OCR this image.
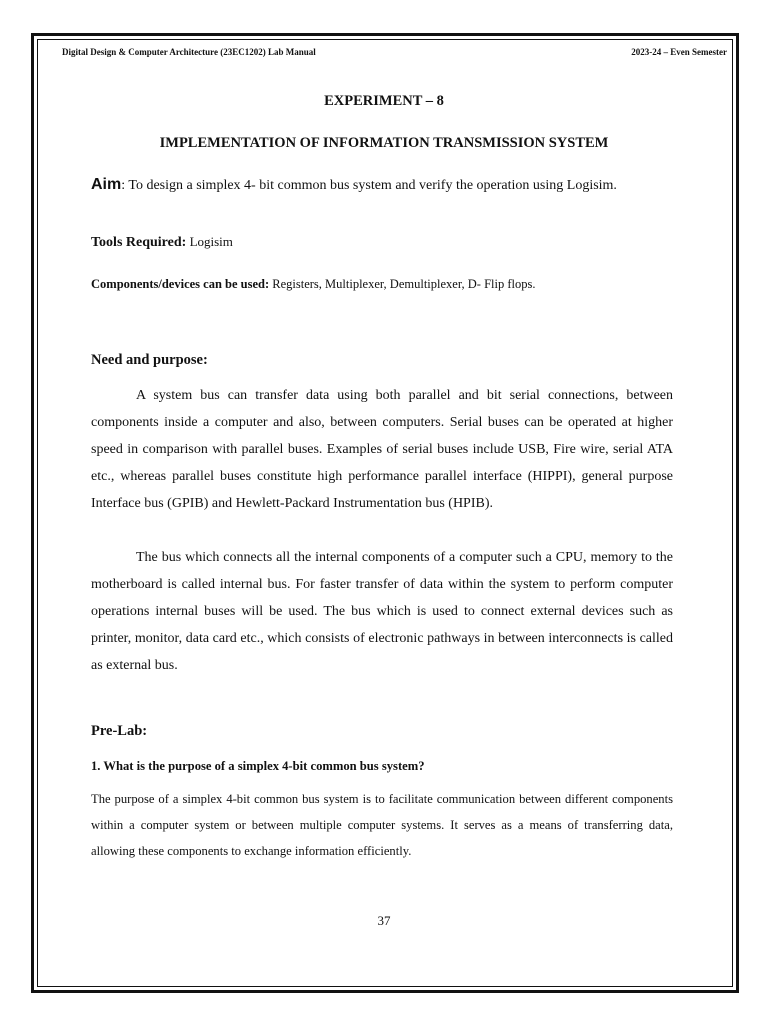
Digital Design & Computer Architecture (23EC1202) Lab Manual	2023-24 – Even Semester
EXPERIMENT – 8
IMPLEMENTATION OF INFORMATION TRANSMISSION SYSTEM
Aim: To design a simplex 4- bit common bus system and verify the operation using Logisim.
Tools Required: Logisim
Components/devices can be used: Registers, Multiplexer, Demultiplexer, D- Flip flops.
Need and purpose:
A system bus can transfer data using both parallel and bit serial connections, between components inside a computer and also, between computers. Serial buses can be operated at higher speed in comparison with parallel buses. Examples of serial buses include USB, Fire wire, serial ATA etc., whereas parallel buses constitute high performance parallel interface (HIPPI), general purpose Interface bus (GPIB) and Hewlett-Packard Instrumentation bus (HPIB).
The bus which connects all the internal components of a computer such a CPU, memory to the motherboard is called internal bus. For faster transfer of data within the system to perform computer operations internal buses will be used. The bus which is used to connect external devices such as printer, monitor, data card etc., which consists of electronic pathways in between interconnects is called as external bus.
Pre-Lab:
1. What is the purpose of a simplex 4-bit common bus system?
The purpose of a simplex 4-bit common bus system is to facilitate communication between different components within a computer system or between multiple computer systems. It serves as a means of transferring data, allowing these components to exchange information efficiently.
37
